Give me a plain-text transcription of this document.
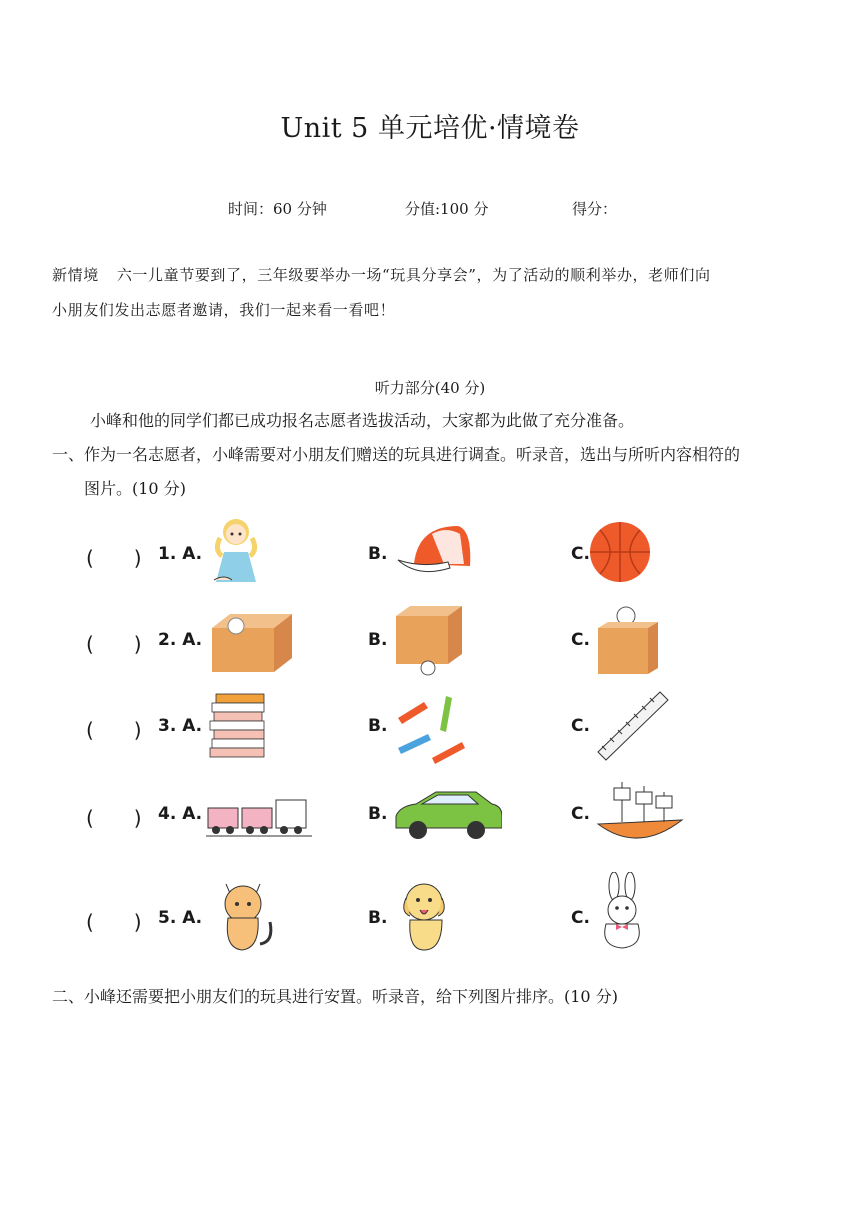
Unit 5 单元培优·情境卷
时间：60 分钟	分值:100 分	得分：
新情境 六一儿童节要到了，三年级要举办一场“玩具分享会”，为了活动的顺利举办，老师们向
小朋友们发出志愿者邀请，我们一起来看一看吧！
听力部分(40 分)
小峰和他的同学们都已成功报名志愿者选拔活动，大家都为此做了充分准备。
一、作为一名志愿者，小峰需要对小朋友们赠送的玩具进行调查。听录音，选出与所听内容相符的
图片。(10 分)
(　　) 1. A.	B.	C.
(　　) 2. A.	B.	C.
(　　) 3. A.	B.	C.
(　　) 4. A.	B.	C.
(　　) 5. A.	B.	C.
二、小峰还需要把小朋友们的玩具进行安置。听录音，给下列图片排序。(10 分)
